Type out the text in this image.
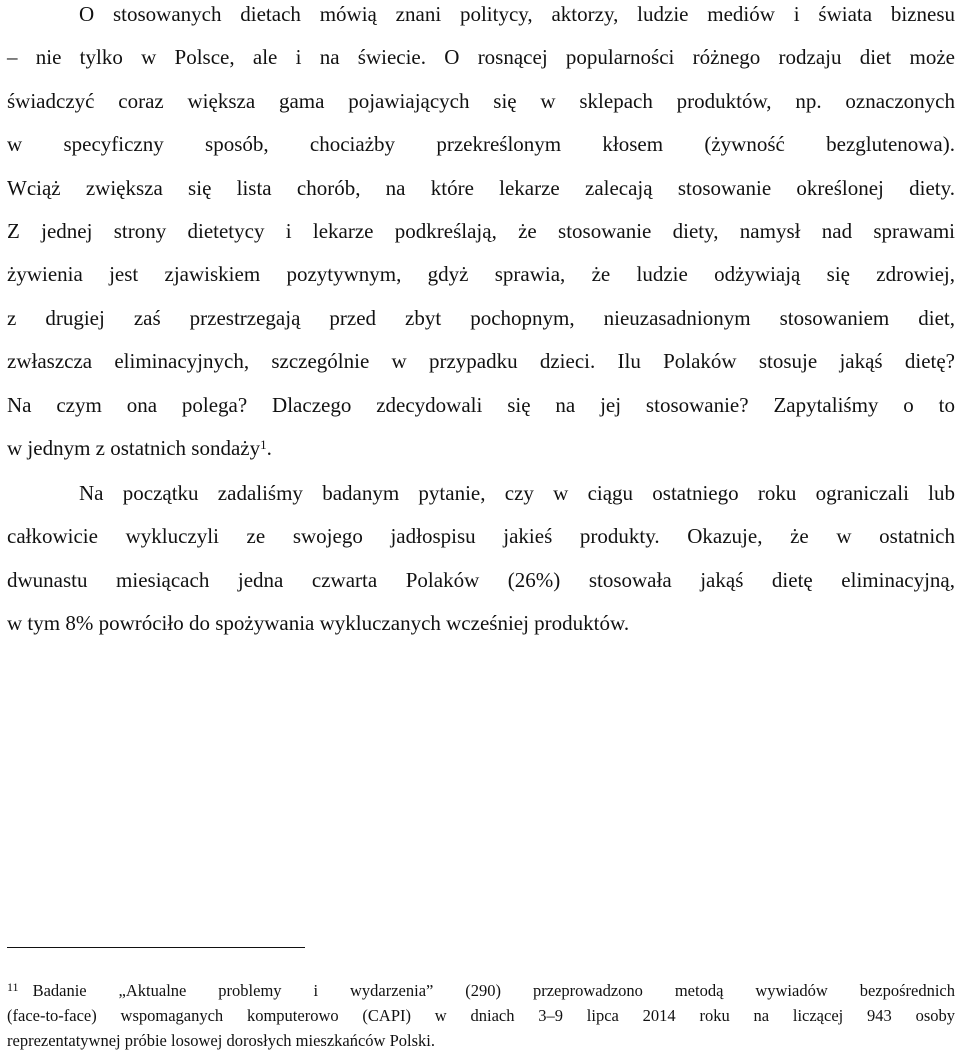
O stosowanych dietach mówią znani politycy, aktorzy, ludzie mediów i świata biznesu
– nie tylko w Polsce, ale i na świecie. O rosnącej popularności różnego rodzaju diet może
świadczyć coraz większa gama pojawiających się w sklepach produktów, np. oznaczonych
w specyficzny sposób, chociażby przekreślonym kłosem (żywność bezglutenowa).
Wciąż zwiększa się lista chorób, na które lekarze zalecają stosowanie określonej diety.
Z jednej strony dietetycy i lekarze podkreślają, że stosowanie diety, namysł nad sprawami
żywienia jest zjawiskiem pozytywnym, gdyż sprawia, że ludzie odżywiają się zdrowiej,
z drugiej zaś przestrzegają przed zbyt pochopnym, nieuzasadnionym stosowaniem diet,
zwłaszcza eliminacyjnych, szczególnie w przypadku dzieci. Ilu Polaków stosuje jakąś dietę?
Na czym ona polega? Dlaczego zdecydowali się na jej stosowanie? Zapytaliśmy o to
w jednym z ostatnich sondaży$^1$.
Na początku zadaliśmy badanym pytanie, czy w ciągu ostatniego roku ograniczali lub
całkowicie wykluczyli ze swojego jadłospisu jakieś produkty. Okazuje, że w ostatnich
dwunastu miesiącach jedna czwarta Polaków (26%) stosowała jakąś dietę eliminacyjną,
w tym 8% powróciło do spożywania wykluczanych wcześniej produktów.
$^{11}$ Badanie „Aktualne problemy i wydarzenia” (290) przeprowadzono metodą wywiadów bezpośrednich
(face-to-face) wspomaganych komputerowo (CAPI) w dniach 3–9 lipca 2014 roku na liczącej 943 osoby
reprezentatywnej próbie losowej dorosłych mieszkańców Polski.
